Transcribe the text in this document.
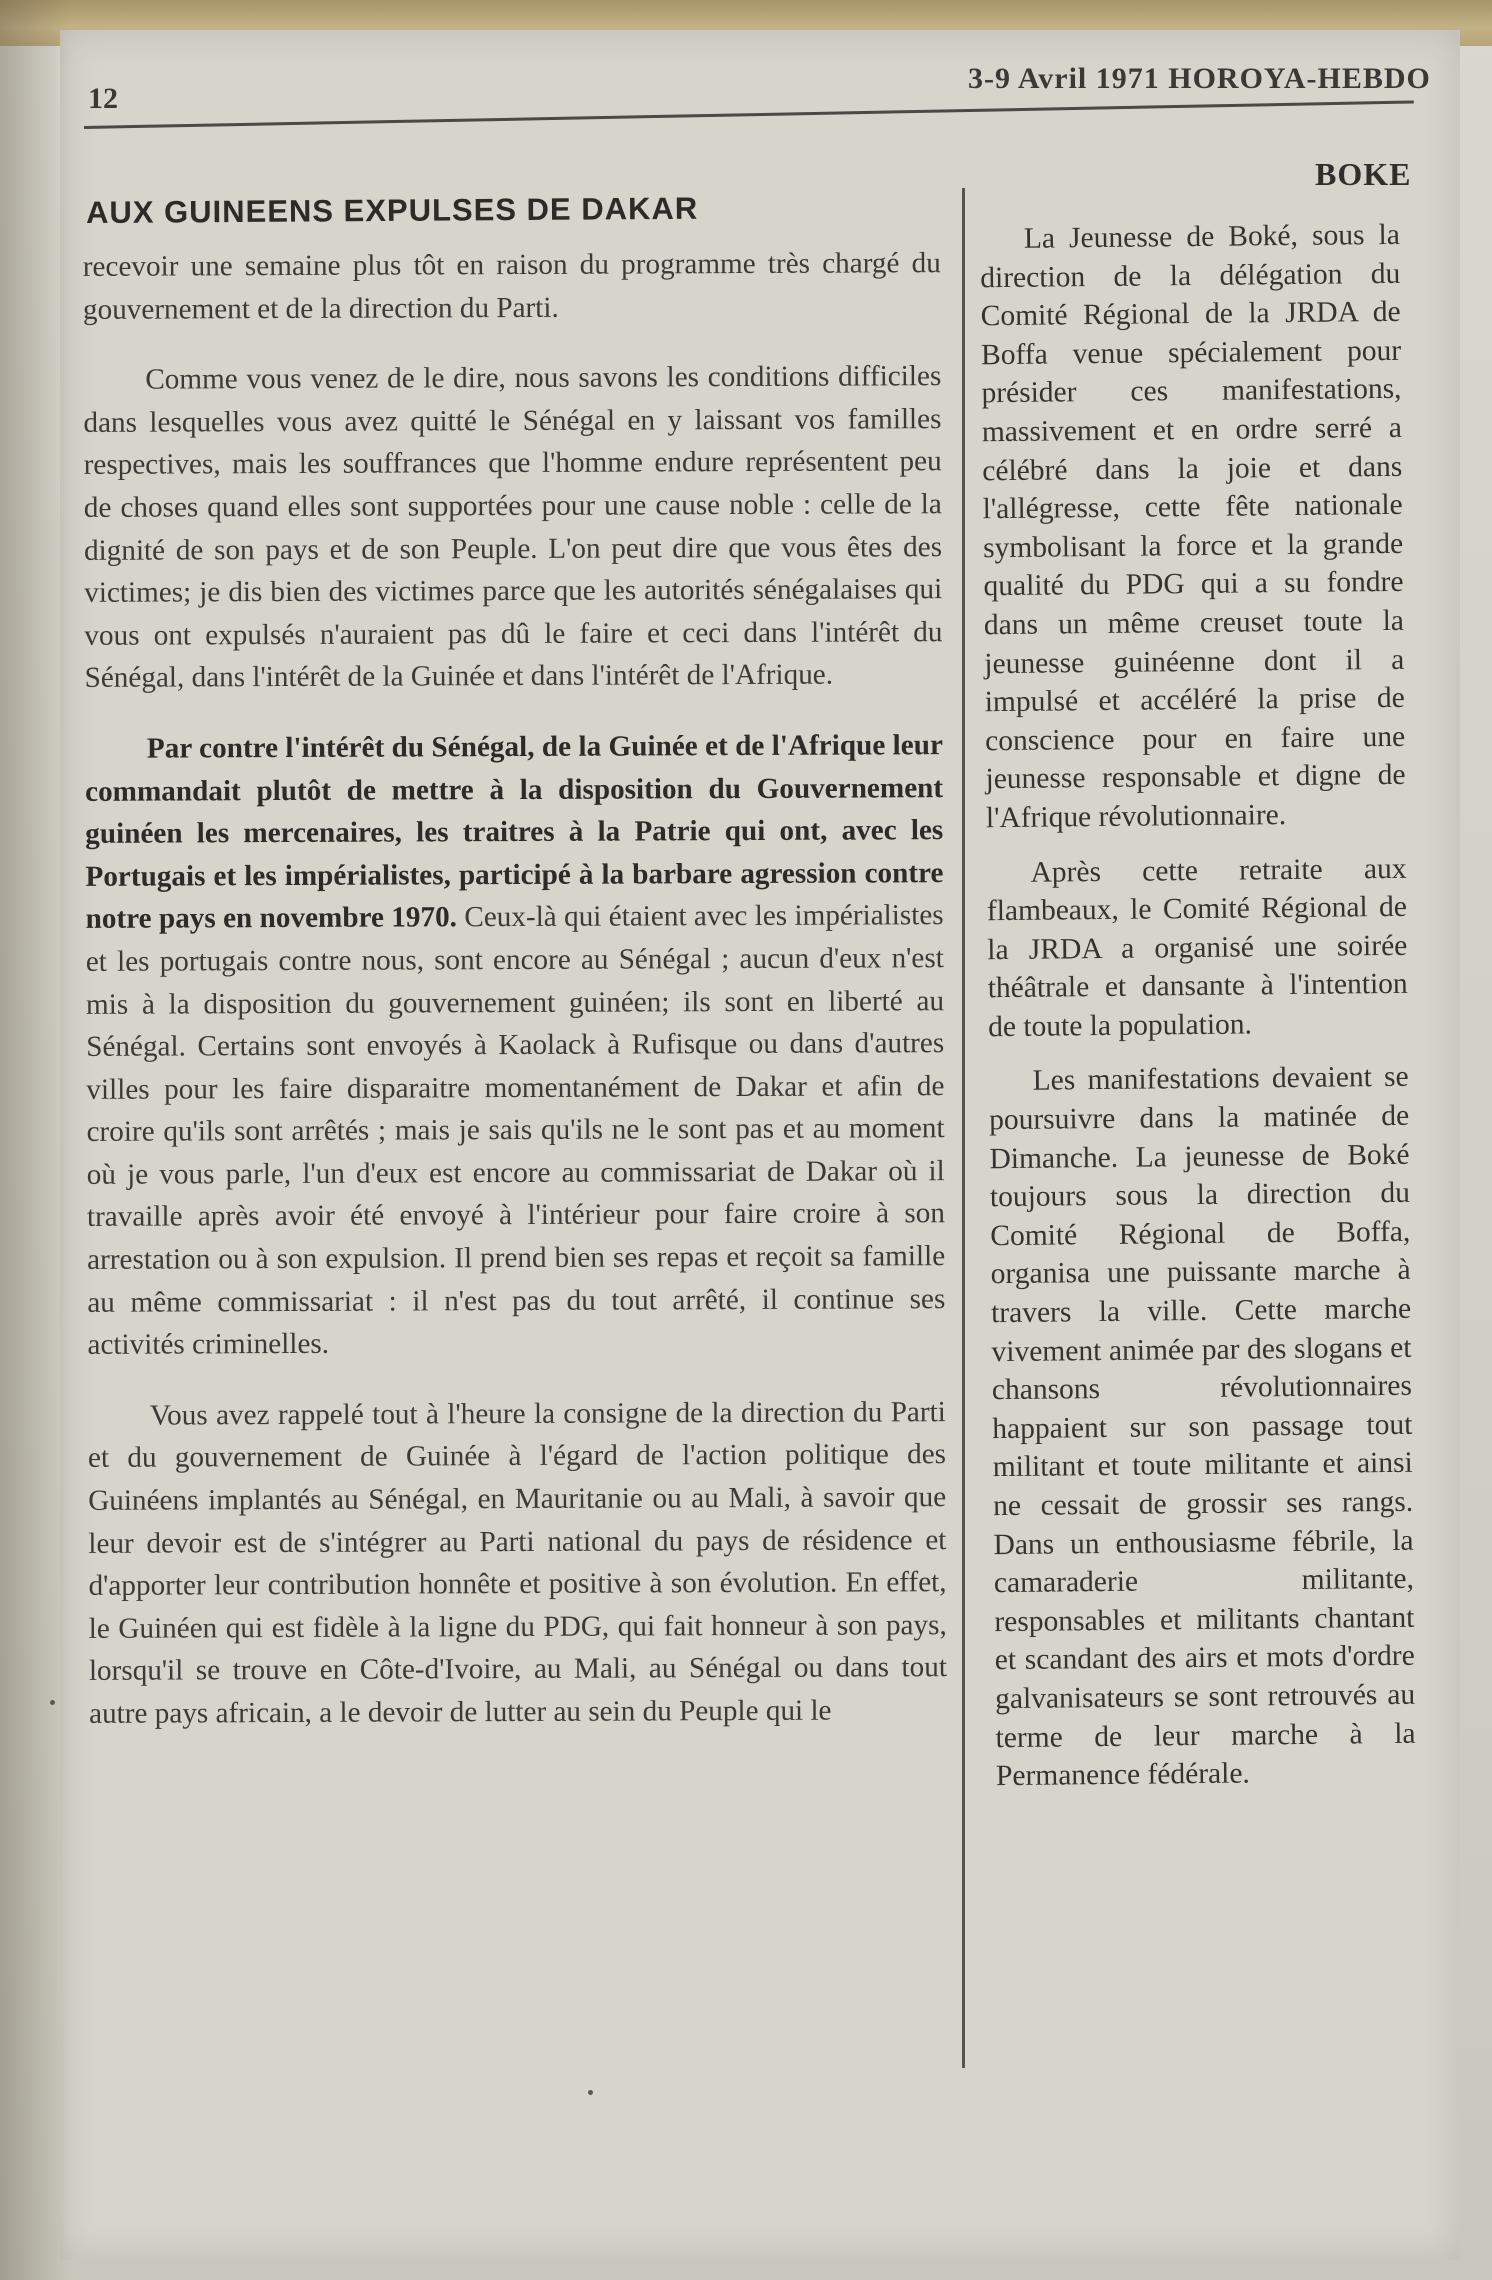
12
3-9 Avril 1971 HOROYA-HEBDO
BOKE
AUX GUINEENS EXPULSES DE DAKAR

recevoir une semaine plus tôt en raison du programme très chargé du gouvernement et de la direction du Parti.

Comme vous venez de le dire, nous savons les conditions difficiles dans lesquelles vous avez quitté le Sénégal en y laissant vos familles respectives, mais les souffrances que l'homme endure représentent peu de choses quand elles sont supportées pour une cause noble : celle de la dignité de son pays et de son Peuple. L'on peut dire que vous êtes des victimes; je dis bien des victimes parce que les autorités sénégalaises qui vous ont expulsés n'auraient pas dû le faire et ceci dans l'intérêt du Sénégal, dans l'intérêt de la Guinée et dans l'intérêt de l'Afrique.

Par contre l'intérêt du Sénégal, de la Guinée et de l'Afrique leur commandait plutôt de mettre à la disposition du Gouvernement guinéen les mercenaires, les traitres à la Patrie qui ont, avec les Portugais et les impérialistes, participé à la barbare agression contre notre pays en novembre 1970. Ceux-là qui étaient avec les impérialistes et les portugais contre nous, sont encore au Sénégal ; aucun d'eux n'est mis à la disposition du gouvernement guinéen; ils sont en liberté au Sénégal. Certains sont envoyés à Kaolack à Rufisque ou dans d'autres villes pour les faire disparaitre momentanément de Dakar et afin de croire qu'ils sont arrêtés ; mais je sais qu'ils ne le sont pas et au moment où je vous parle, l'un d'eux est encore au commissariat de Dakar où il travaille après avoir été envoyé à l'intérieur pour faire croire à son arrestation ou à son expulsion. Il prend bien ses repas et reçoit sa famille au même commissariat : il n'est pas du tout arrêté, il continue ses activités criminelles.

Vous avez rappelé tout à l'heure la consigne de la direction du Parti et du gouvernement de Guinée à l'égard de l'action politique des Guinéens implantés au Sénégal, en Mauritanie ou au Mali, à savoir que leur devoir est de s'intégrer au Parti national du pays de résidence et d'apporter leur contribution honnête et positive à son évolution. En effet, le Guinéen qui est fidèle à la ligne du PDG, qui fait honneur à son pays, lorsqu'il se trouve en Côte-d'Ivoire, au Mali, au Sénégal ou dans tout autre pays africain, a le devoir de lutter au sein du Peuple qui le

La Jeunesse de Boké, sous la direction de la délégation du Comité Régional de la JRDA de Boffa venue spécialement pour présider ces manifestations, massivement et en ordre serré a célébré dans la joie et dans l'allégresse, cette fête nationale symbolisant la force et la grande qualité du PDG qui a su fondre dans un même creuset toute la jeunesse guinéenne dont il a impulsé et accéléré la prise de conscience pour en faire une jeunesse responsable et digne de l'Afrique révolutionnaire.

Après cette retraite aux flambeaux, le Comité Régional de la JRDA a organisé une soirée théâtrale et dansante à l'intention de toute la population.

Les manifestations devaient se poursuivre dans la matinée de Dimanche. La jeunesse de Boké toujours sous la direction du Comité Régional de Boffa, organisa une puissante marche à travers la ville. Cette marche vivement animée par des slogans et chansons révolutionnaires happaient sur son passage tout militant et toute militante et ainsi ne cessait de grossir ses rangs. Dans un enthousiasme fébrile, la camaraderie militante, responsables et militants chantant et scandant des airs et mots d'ordre galvanisateurs se sont retrouvés au terme de leur marche à la Permanence fédérale.
